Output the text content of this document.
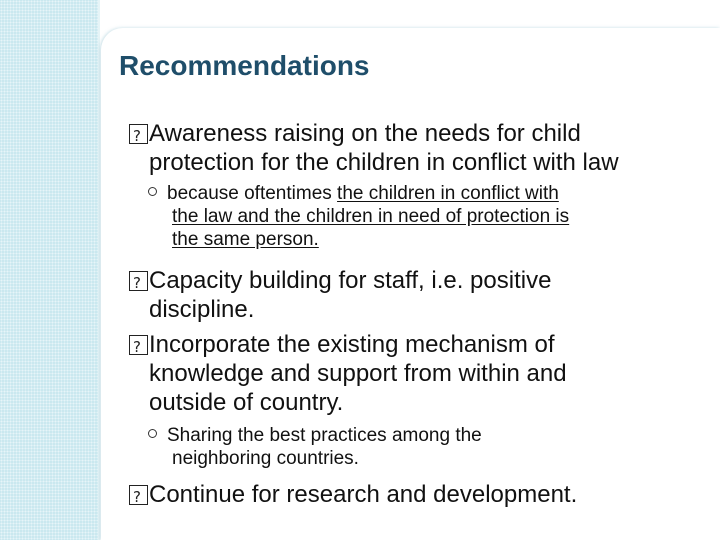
Recommendations
?Awareness raising on the needs for child
protection for the children in conflict with law
because oftentimes the children in conflict with
the law and the children in need of protection is
the same person.
?Capacity building for staff, i.e. positive
discipline.
?Incorporate the existing mechanism of
knowledge and support from within and
outside of country.
Sharing the best practices among the
neighboring countries.
?Continue for research and development.
